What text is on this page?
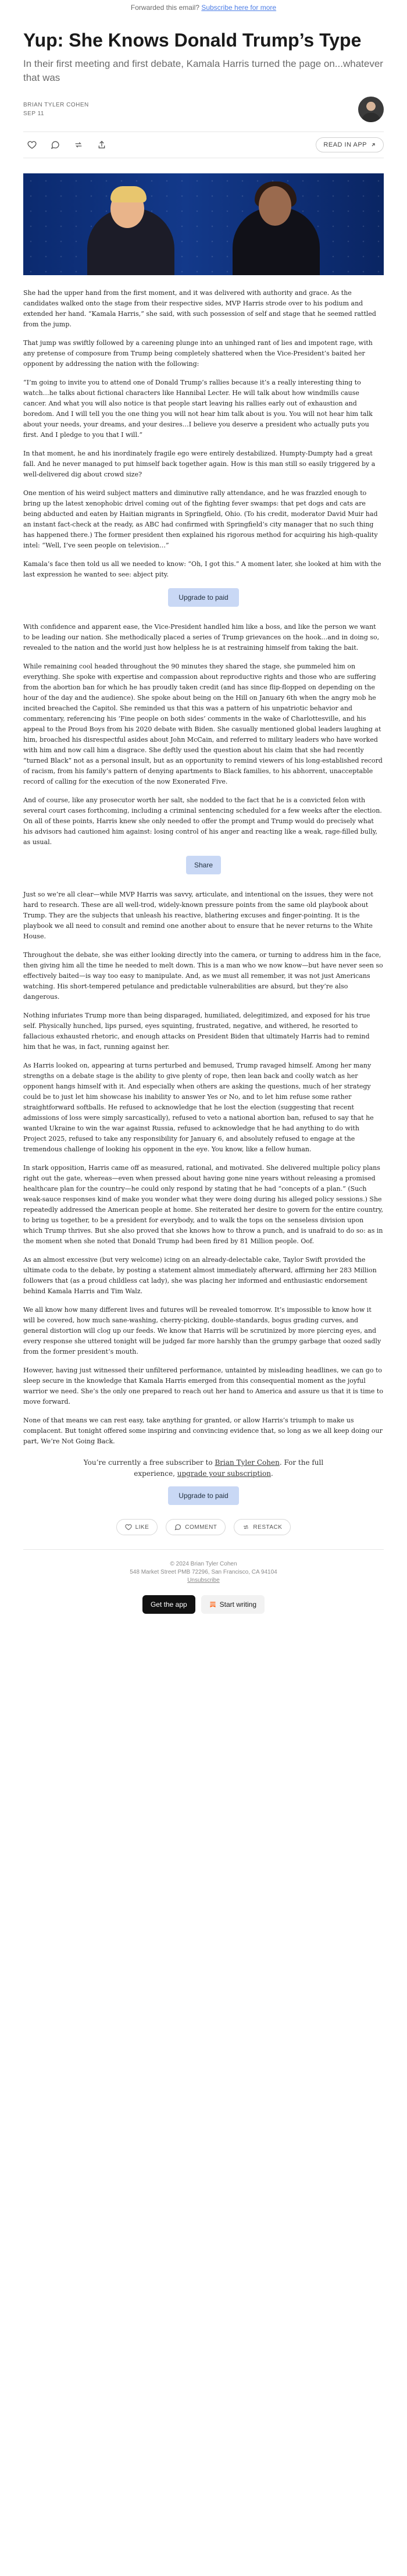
Forwarded this email? Subscribe here for more
Yup: She Knows Donald Trump’s Type
In their first meeting and first debate, Kamala Harris turned the page on...whatever that was
BRIAN TYLER COHEN
SEP 11
READ IN APP

She had the upper hand from the first moment, and it was delivered with authority and grace. As the candidates walked onto the stage from their respective sides, MVP Harris strode over to his podium and extended her hand. “Kamala Harris,” she said, with such possession of self and stage that he seemed rattled from the jump.

That jump was swiftly followed by a careening plunge into an unhinged rant of lies and impotent rage, with any pretense of composure from Trump being completely shattered when the Vice-President’s baited her opponent by addressing the nation with the following:

“I’m going to invite you to attend one of Donald Trump’s rallies because it’s a really interesting thing to watch…he talks about fictional characters like Hannibal Lecter. He will talk about how windmills cause cancer. And what you will also notice is that people start leaving his rallies early out of exhaustion and boredom. And I will tell you the one thing you will not hear him talk about is you. You will not hear him talk about your needs, your dreams, and your desires…I believe you deserve a president who actually puts you first. And I pledge to you that I will.”

In that moment, he and his inordinately fragile ego were entirely destabilized. Humpty-Dumpty had a great fall. And he never managed to put himself back together again. How is this man still so easily triggered by a well-delivered dig about crowd size?

One mention of his weird subject matters and diminutive rally attendance, and he was frazzled enough to bring up the latest xenophobic drivel coming out of the fighting fever swamps: that pet dogs and cats are being abducted and eaten by Haitian migrants in Springfield, Ohio. (To his credit, moderator David Muir had an instant fact-check at the ready, as ABC had confirmed with Springfield’s city manager that no such thing has happened there.) The former president then explained his rigorous method for acquiring his high-quality intel: “Well, I’ve seen people on television…”

Kamala’s face then told us all we needed to know: “Oh, I got this.” A moment later, she looked at him with the last expression he wanted to see: abject pity.

Upgrade to paid

With confidence and apparent ease, the Vice-President handled him like a boss, and like the person we want to be leading our nation. She methodically placed a series of Trump grievances on the hook…and in doing so, revealed to the nation and the world just how helpless he is at restraining himself from taking the bait.

While remaining cool headed throughout the 90 minutes they shared the stage, she pummeled him on everything. She spoke with expertise and compassion about reproductive rights and those who are suffering from the abortion ban for which he has proudly taken credit (and has since flip-flopped on depending on the hour of the day and the audience). She spoke about being on the Hill on January 6th when the angry mob he incited breached the Capitol. She reminded us that this was a pattern of his unpatriotic behavior and commentary, referencing his ‘Fine people on both sides’ comments in the wake of Charlottesville, and his appeal to the Proud Boys from his 2020 debate with Biden. She casually mentioned global leaders laughing at him, broached his disrespectful asides about John McCain, and referred to military leaders who have worked with him and now call him a disgrace. She deftly used the question about his claim that she had recently “turned Black” not as a personal insult, but as an opportunity to remind viewers of his long-established record of racism, from his family’s pattern of denying apartments to Black families, to his abhorrent, unacceptable record of calling for the execution of the now Exonerated Five.

And of course, like any prosecutor worth her salt, she nodded to the fact that he is a convicted felon with several court cases forthcoming, including a criminal sentencing scheduled for a few weeks after the election. On all of these points, Harris knew she only needed to offer the prompt and Trump would do precisely what his advisors had cautioned him against: losing control of his anger and reacting like a weak, rage-filled bully, as usual.

Share

Just so we’re all clear—while MVP Harris was savvy, articulate, and intentional on the issues, they were not hard to research. These are all well-trod, widely-known pressure points from the same old playbook about Trump. They are the subjects that unleash his reactive, blathering excuses and finger-pointing. It is the playbook we all need to consult and remind one another about to ensure that he never returns to the White House.

Throughout the debate, she was either looking directly into the camera, or turning to address him in the face, then giving him all the time he needed to melt down. This is a man who we now know—but have never seen so effectively baited—is way too easy to manipulate. And, as we must all remember, it was not just Americans watching. His short-tempered petulance and predictable vulnerabilities are absurd, but they’re also dangerous.

Nothing infuriates Trump more than being disparaged, humiliated, delegitimized, and exposed for his true self. Physically hunched, lips pursed, eyes squinting, frustrated, negative, and withered, he resorted to fallacious exhausted rhetoric, and enough attacks on President Biden that ultimately Harris had to remind him that he was, in fact, running against her.

As Harris looked on, appearing at turns perturbed and bemused, Trump ravaged himself. Among her many strengths on a debate stage is the ability to give plenty of rope, then lean back and coolly watch as her opponent hangs himself with it. And especially when others are asking the questions, much of her strategy could be to just let him showcase his inability to answer Yes or No, and to let him refuse some rather straightforward softballs. He refused to acknowledge that he lost the election (suggesting that recent admissions of loss were simply sarcastically), refused to veto a national abortion ban, refused to say that he wanted Ukraine to win the war against Russia, refused to acknowledge that he had anything to do with Project 2025, refused to take any responsibility for January 6, and absolutely refused to engage at the tremendous challenge of looking his opponent in the eye. You know, like a fellow human.

In stark opposition, Harris came off as measured, rational, and motivated. She delivered multiple policy plans right out the gate, whereas—even when pressed about having gone nine years without releasing a promised healthcare plan for the country—he could only respond by stating that he had “concepts of a plan.” (Such weak-sauce responses kind of make you wonder what they were doing during his alleged policy sessions.) She repeatedly addressed the American people at home. She reiterated her desire to govern for the entire country, to bring us together, to be a president for everybody, and to walk the tops on the senseless division upon which Trump thrives. But she also proved that she knows how to throw a punch, and is unafraid to do so: as in the moment when she noted that Donald Trump had been fired by 81 Million people. Oof.

As an almost excessive (but very welcome) icing on an already-delectable cake, Taylor Swift provided the ultimate coda to the debate, by posting a statement almost immediately afterward, affirming her 283 Million followers that (as a proud childless cat lady), she was placing her informed and enthusiastic endorsement behind Kamala Harris and Tim Walz.

We all know how many different lives and futures will be revealed tomorrow. It’s impossible to know how it will be covered, how much sane-washing, cherry-picking, double-standards, bogus grading curves, and general distortion will clog up our feeds. We know that Harris will be scrutinized by more piercing eyes, and every response she uttered tonight will be judged far more harshly than the grumpy garbage that oozed sadly from the former president’s mouth.

However, having just witnessed their unfiltered performance, untainted by misleading headlines, we can go to sleep secure in the knowledge that Kamala Harris emerged from this consequential moment as the joyful warrior we need. She’s the only one prepared to reach out her hand to America and assure us that it is time to move forward.

None of that means we can rest easy, take anything for granted, or allow Harris’s triumph to make us complacent. But tonight offered some inspiring and convincing evidence that, so long as we all keep doing our part, We’re Not Going Back.

You’re currently a free subscriber to Brian Tyler Cohen. For the full experience, upgrade your subscription.
Upgrade to paid
LIKE	COMMENT	RESTACK
© 2024 Brian Tyler Cohen
548 Market Street PMB 72296, San Francisco, CA 94104
Unsubscribe
Get the app	Start writing
